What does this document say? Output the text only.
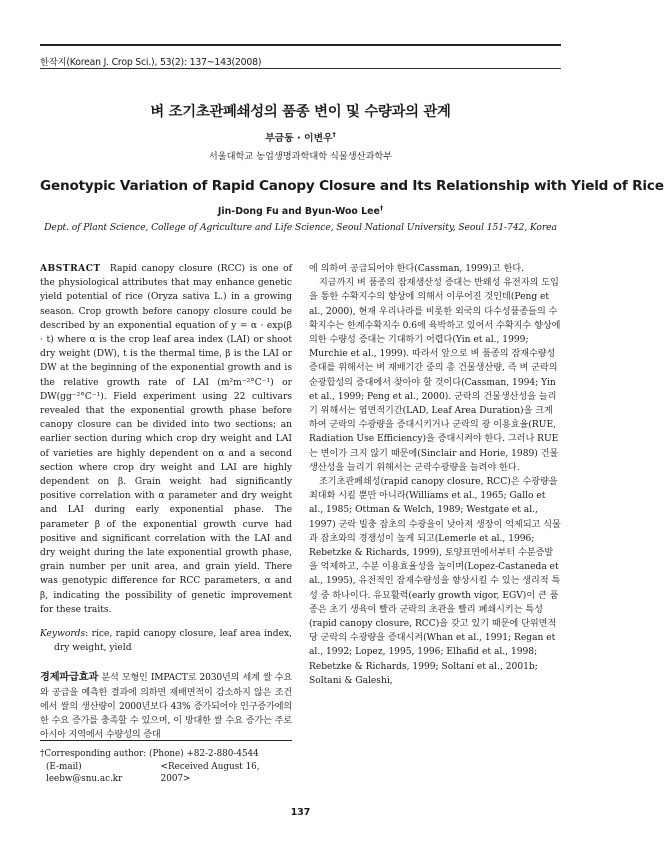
한작지(Korean J. Crop Sci.), 53(2): 137~143(2008)
벼 조기초관폐쇄성의 품종 변이 및 수량과의 관계
부금동 · 이변우†
서울대학교 농업생명과학대학 식물생산과학부
Genotypic Variation of Rapid Canopy Closure and Its Relationship with Yield of Rice
Jin-Dong Fu and Byun-Woo Lee†
Dept. of Plant Science, College of Agriculture and Life Science, Seoul National University, Seoul 151-742, Korea

ABSTRACT Rapid canopy closure (RCC) is one of the physiological attributes that may enhance genetic yield potential of rice (Oryza sativa L.) in a growing season. Crop growth before canopy closure could be described by an exponential equation of y = α · exp(β · t) where α is the crop leaf area index (LAI) or shoot dry weight (DW), t is the thermal time, β is the LAI or DW at the beginning of the exponential growth and is the relative growth rate of LAI (m²m⁻²°C⁻¹) or DW(gg⁻²°C⁻¹). Field experiment using 22 cultivars revealed that the exponential growth phase before canopy closure can be divided into two sections; an earlier section during which crop dry weight and LAI of varieties are highly dependent on α and a second section where crop dry weight and LAI are highly dependent on β. Grain weight had significantly positive correlation with α parameter and dry weight and LAI during early exponential phase. The parameter β of the exponential growth curve had positive and significant correlation with the LAI and dry weight during the late exponential growth phase, grain number per unit area, and grain yield. There was genotypic difference for RCC parameters, α and β, indicating the possibility of genetic improvement for these traits.

Keywords: rice, rapid canopy closure, leaf area index, dry weight, yield

경제파급효과 분석 모형인 IMPACT로 2030년의 세계 쌀 수요와 공급을 예측한 결과에 의하면 재배면적이 감소하지 않은 조건에서 쌀의 생산량이 2000년보다 43% 증가되어야 인구증가에의한 수요 증가를 충족할 수 있으며, 이 방대한 쌀 수요 증가는 주로 아시아 지역에서 수량성의 증대

에 의하여 공급되어야 한다(Cassman, 1999)고 한다.

지금까지 벼 품종의 잠재생산성 증대는 반왜성 유전자의 도입을 통한 수확지수의 향상에 의해서 이루어진 것인데(Peng et al., 2000), 현재 우리나라를 비롯한 외국의 다수성품종들의 수확지수는 한계수확지수 0.6에 육박하고 있어서 수확지수 향상에 의한 수량성 증대는 기대하기 어렵다(Yin et al., 1999; Murchie et al., 1999). 따라서 앞으로 벼 품종의 잠재수량성 증대를 위해서는 벼 재배기간 중의 총 건물생산량, 즉 벼 군락의 순광합성의 증대에서 찾아야 할 것이다(Cassman, 1994; Yin et al., 1999; Peng et al., 2000). 군락의 건물생산성을 늘리기 위해서는 엽면적기간(LAD, Leaf Area Duration)을 크게 하여 군락의 수광량을 증대시키거나 군락의 광 이용효율(RUE, Radiation Use Efficiency)을 증대시켜야 한다. 그러나 RUE는 변이가 크지 않기 때문에(Sinclair and Horie, 1989) 건물생산성을 늘리기 위해서는 군락수광량을 늘려야 한다.

조기초관폐쇄성(rapid canopy closure, RCC)은 수광량을 최대화 시킬 뿐만 아니라(Williams et al., 1965; Gallo et al., 1985; Ottman & Welch, 1989; Westgate et al., 1997) 군락 빌충 잡초의 수광을이 낮아져 생장이 억제되고 식물과 잡초와의 경쟁성이 높게 되고(Lemerle et al., 1996; Rebetzke & Richards, 1999), 토양표면에서부터 수분증발을 억제하고, 수분 이용효율성을 높이며(Lopez-Castaneda et al., 1995), 유전적인 잠재수량성을 향상시킬 수 있는 생리적 특성 중 하나이다. 유묘활력(early growth vigor, EGV)이 큰 품종은 초기 생육이 빨라 군락의 초관을 빨리 폐쇄시키는 특성(rapid canopy closure, RCC)을 갖고 있기 때문에 단위면적당 군락의 수광량을 증대시켜(Whan et al., 1991; Regan et al., 1992; Lopez, 1995, 1996; Elhafid et al., 1998; Rebetzke & Richards, 1999; Soltani et al., 2001b; Soltani & Galeshi,

†Corresponding author: (Phone) +82-2-880-4544
(E-mail) leebw@snu.ac.kr
<Received August 16, 2007>
137
